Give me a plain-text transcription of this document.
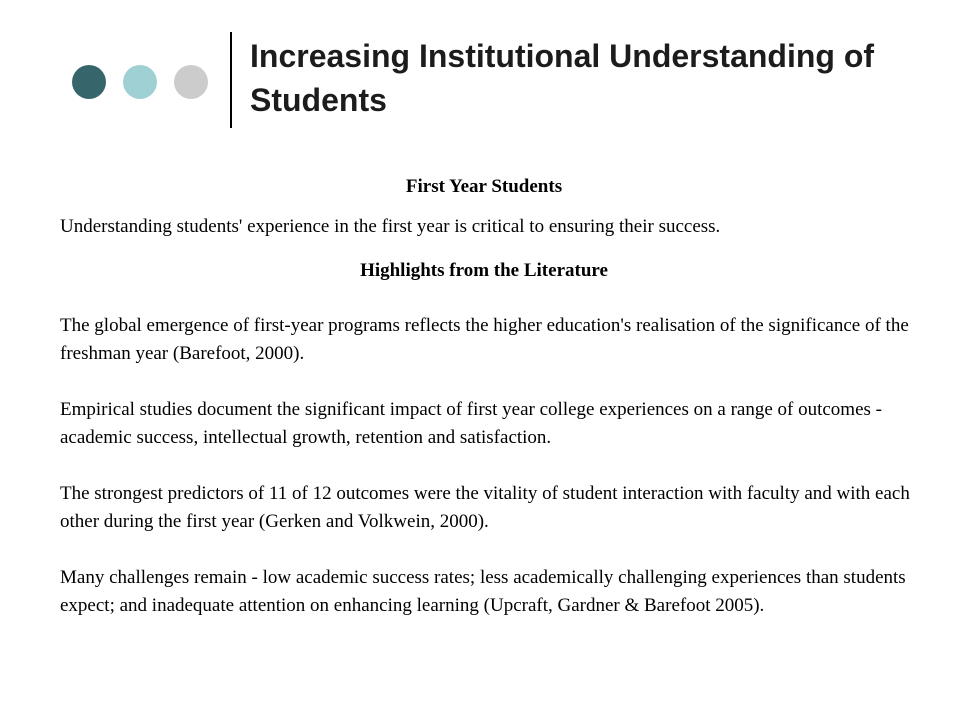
Increasing Institutional Understanding of Students

First Year Students

Understanding students' experience in the first year is critical to ensuring their success.

Highlights from the Literature

The global emergence of first-year programs reflects the higher education's realisation of the significance of the freshman year (Barefoot, 2000).

Empirical studies document the significant impact of first year college experiences on a range of outcomes - academic success, intellectual growth, retention and satisfaction.

The strongest predictors of 11 of 12 outcomes were the vitality of student interaction with faculty and with each other during the first year (Gerken and Volkwein, 2000).

Many challenges remain - low academic success rates; less academically challenging experiences than students expect; and inadequate attention on enhancing learning (Upcraft, Gardner & Barefoot 2005).
